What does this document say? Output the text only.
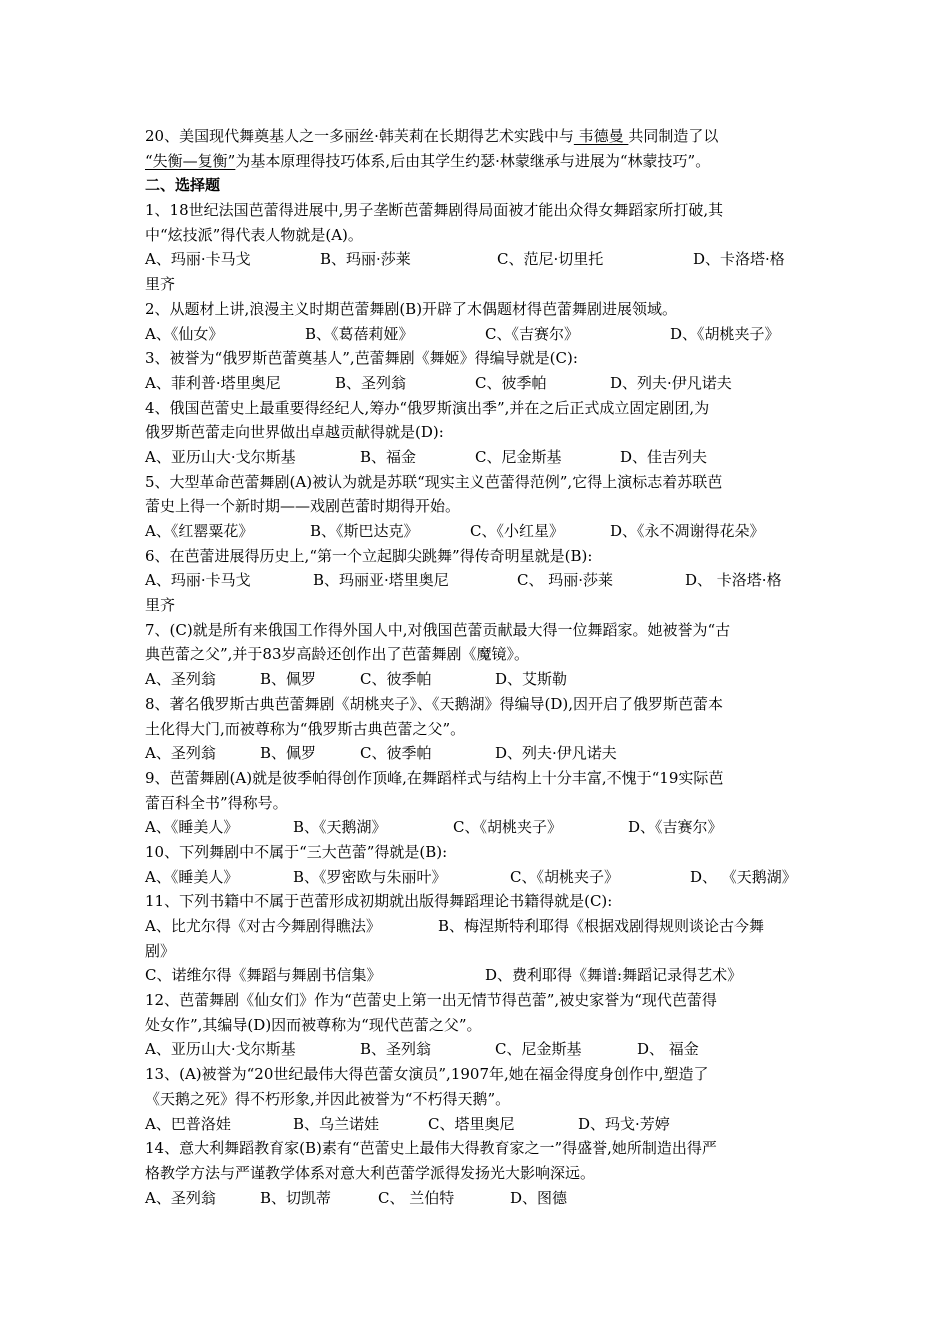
20、美国现代舞奠基人之一多丽丝·韩芙莉在长期得艺术实践中与 韦德曼 共同制造了以
“失衡—复衡”为基本原理得技巧体系,后由其学生约瑟·林蒙继承与进展为“林蒙技巧”。
二、选择题
1、18世纪法国芭蕾得进展中,男子垄断芭蕾舞剧得局面被才能出众得女舞蹈家所打破,其
中“炫技派”得代表人物就是(A)。
A、玛丽·卡马戈	B、玛丽·莎莱	C、范尼·切里托	D、卡洛塔·格
里齐
2、从题材上讲,浪漫主义时期芭蕾舞剧(B)开辟了木偶题材得芭蕾舞剧进展领域。
A、《仙女》	B、《葛蓓莉娅》	C、《吉赛尔》	D、《胡桃夹子》
3、被誉为“俄罗斯芭蕾奠基人”,芭蕾舞剧《舞姬》得编导就是(C):
A、菲利普·塔里奥尼	B、圣列翁	C、彼季帕	D、列夫·伊凡诺夫
4、俄国芭蕾史上最重要得经纪人,筹办“俄罗斯演出季”,并在之后正式成立固定剧团,为
俄罗斯芭蕾走向世界做出卓越贡献得就是(D):
A、亚历山大·戈尔斯基	B、福金	C、尼金斯基	D、佳吉列夫
5、大型革命芭蕾舞剧(A)被认为就是苏联“现实主义芭蕾得范例”,它得上演标志着苏联芭
蕾史上得一个新时期——戏剧芭蕾时期得开始。
A、《红罂粟花》	B、《斯巴达克》	C、《小红星》	D、《永不凋谢得花朵》
6、在芭蕾进展得历史上,“第一个立起脚尖跳舞”得传奇明星就是(B):
A、玛丽·卡马戈	B、玛丽亚·塔里奥尼	C、 玛丽·莎莱	D、 卡洛塔·格
里齐
7、(C)就是所有来俄国工作得外国人中,对俄国芭蕾贡献最大得一位舞蹈家。她被誉为“古
典芭蕾之父”,并于83岁高龄还创作出了芭蕾舞剧《魔镜》。
A、圣列翁	B、佩罗	C、彼季帕	D、艾斯勒
8、著名俄罗斯古典芭蕾舞剧《胡桃夹子》、《天鹅湖》得编导(D),因开启了俄罗斯芭蕾本
土化得大门,而被尊称为“俄罗斯古典芭蕾之父”。
A、圣列翁	B、佩罗	C、彼季帕	D、列夫·伊凡诺夫
9、芭蕾舞剧(A)就是彼季帕得创作顶峰,在舞蹈样式与结构上十分丰富,不愧于“19实际芭
蕾百科全书”得称号。
A、《睡美人》	B、《天鹅湖》	C、《胡桃夹子》	D、《吉赛尔》
10、下列舞剧中不属于“三大芭蕾”得就是(B):
A、《睡美人》	B、《罗密欧与朱丽叶》	C、《胡桃夹子》	D、 《天鹅湖》
11、下列书籍中不属于芭蕾形成初期就出版得舞蹈理论书籍得就是(C):
A、比尤尔得《对古今舞剧得瞧法》	B、梅涅斯特利耶得《根据戏剧得规则谈论古今舞
剧》
C、诺维尔得《舞蹈与舞剧书信集》	D、费利耶得《舞谱:舞蹈记录得艺术》
12、芭蕾舞剧《仙女们》作为“芭蕾史上第一出无情节得芭蕾”,被史家誉为“现代芭蕾得
处女作”,其编导(D)因而被尊称为“现代芭蕾之父”。
A、亚历山大·戈尔斯基	B、圣列翁	C、尼金斯基	D、 福金
13、(A)被誉为“20世纪最伟大得芭蕾女演员”,1907年,她在福金得度身创作中,塑造了
《天鹅之死》得不朽形象,并因此被誉为“不朽得天鹅”。
A、巴普洛娃	B、乌兰诺娃	C、塔里奥尼	D、玛戈·芳婷
14、意大利舞蹈教育家(B)素有“芭蕾史上最伟大得教育家之一”得盛誉,她所制造出得严
格教学方法与严谨教学体系对意大利芭蕾学派得发扬光大影响深远。
A、圣列翁	B、切凯蒂	C、 兰伯特	D、图德
